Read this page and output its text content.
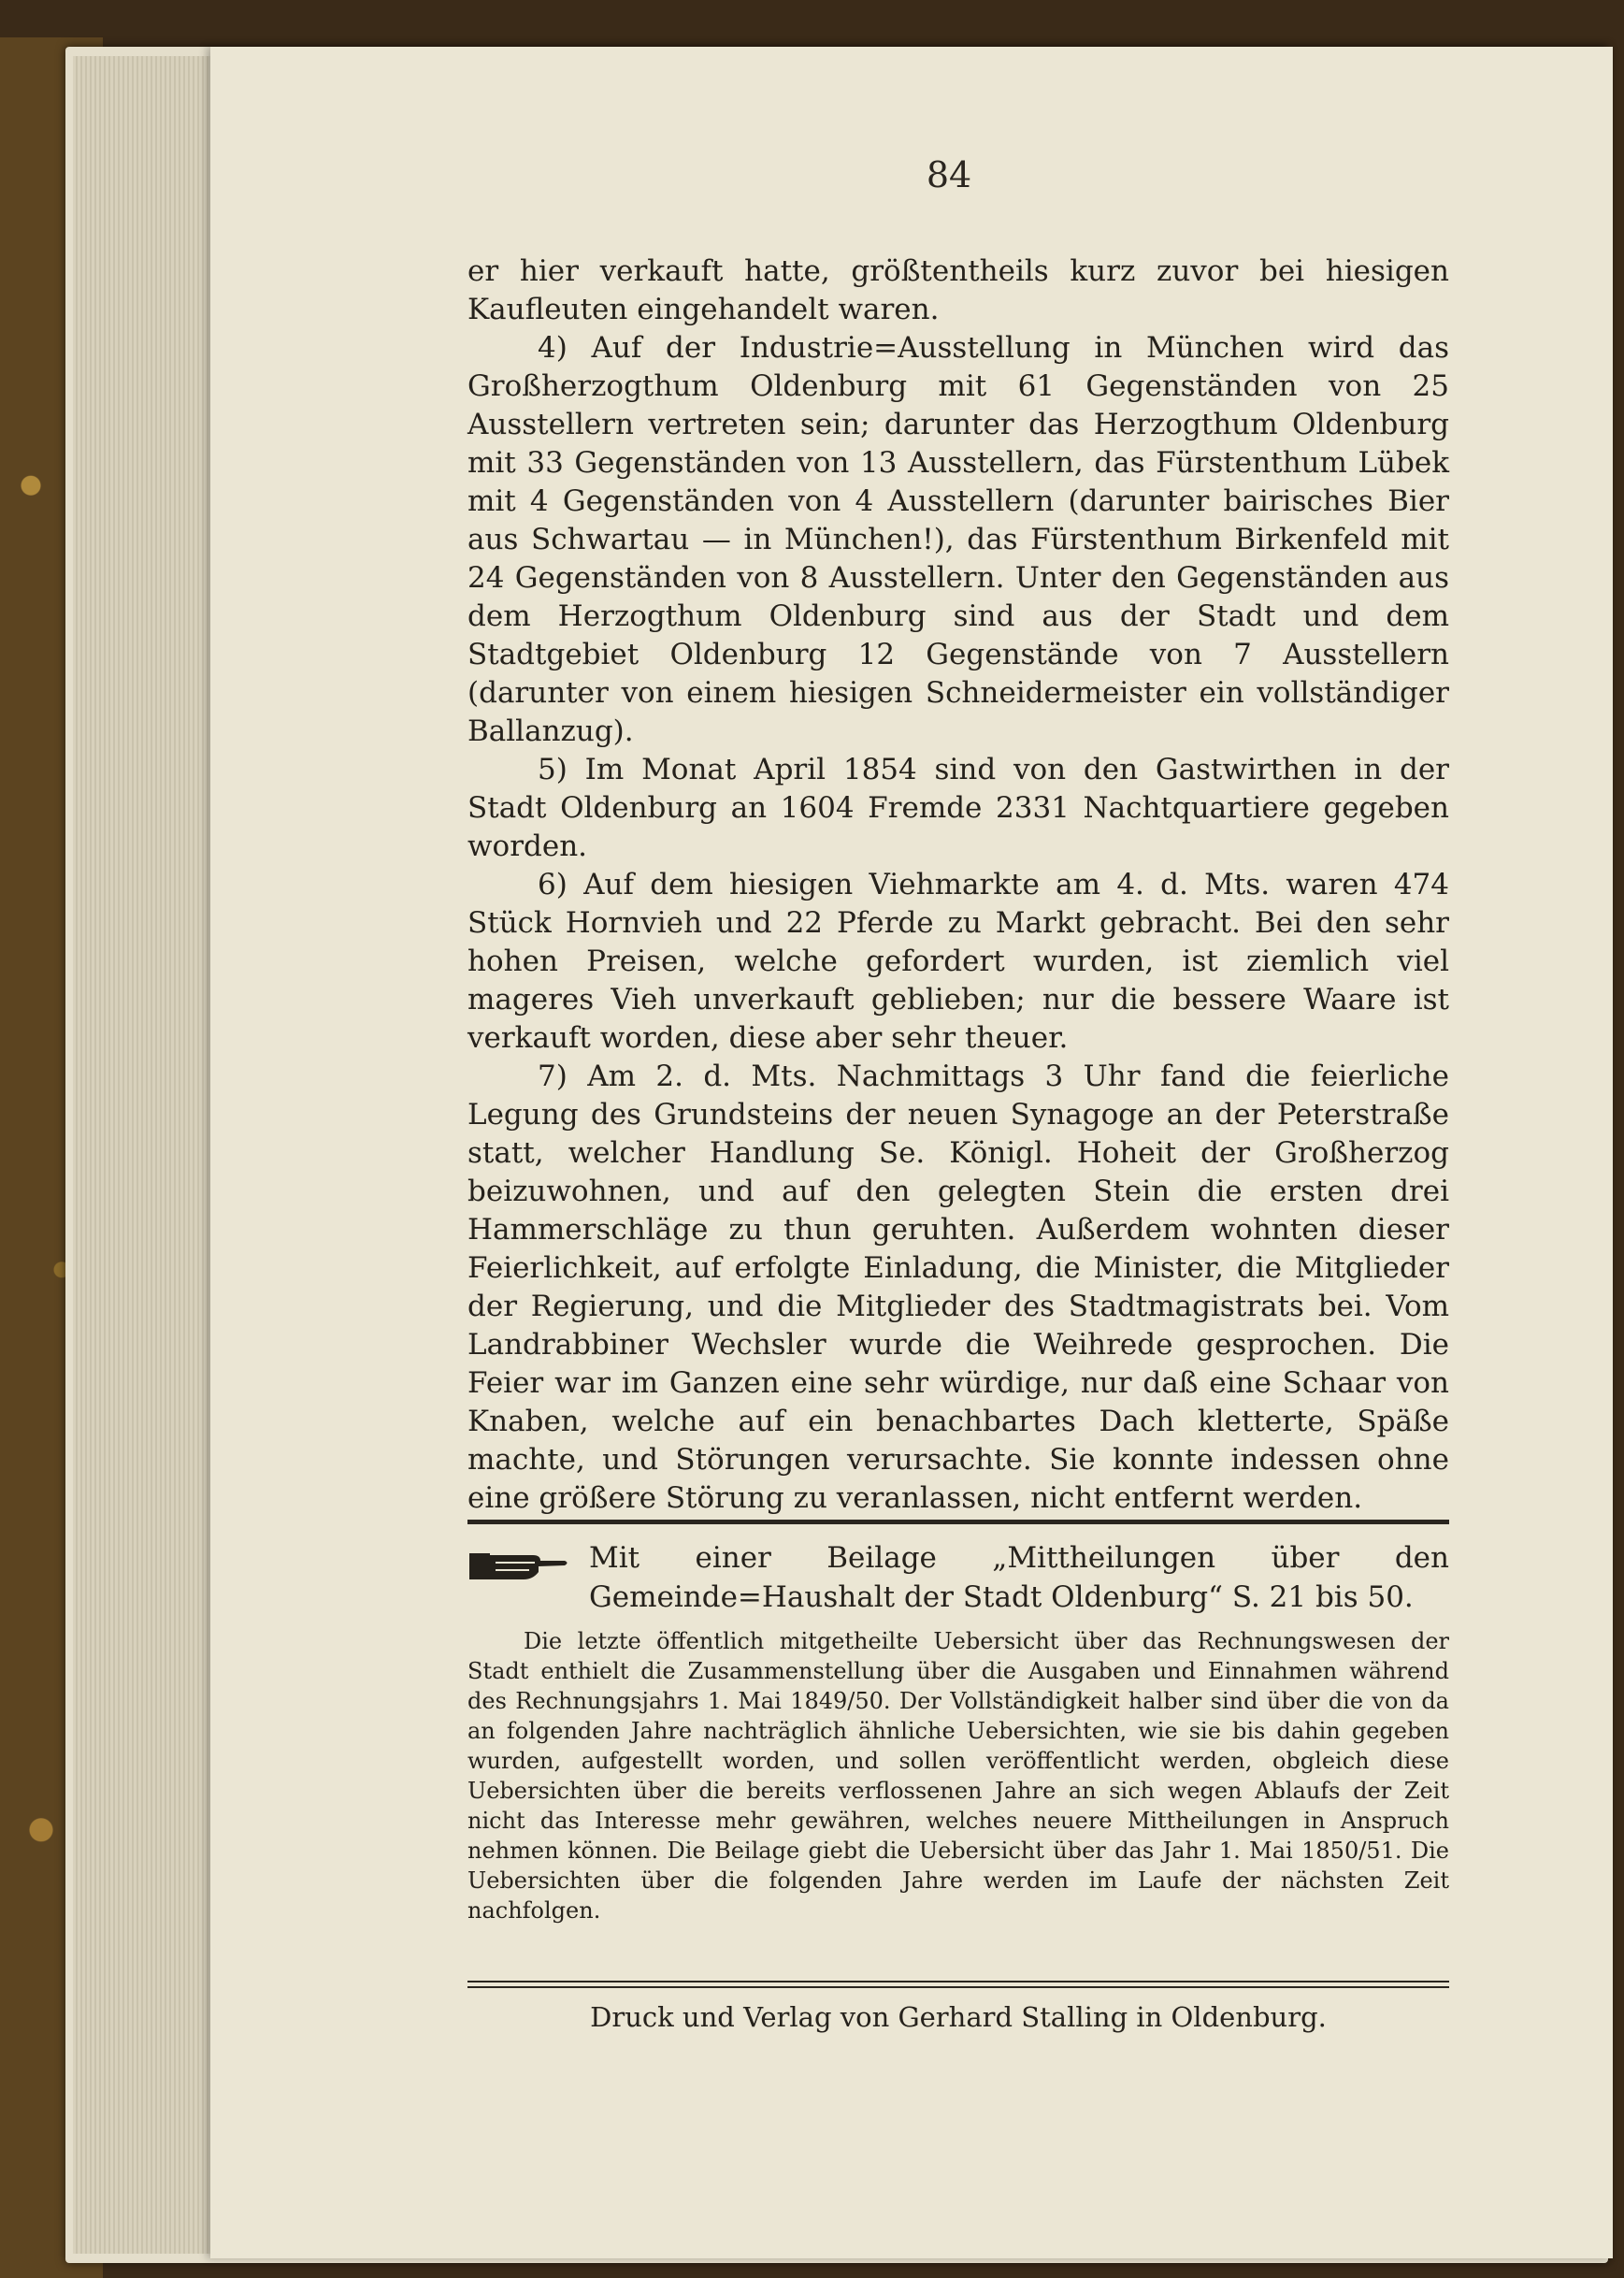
84

er hier verkauft hatte, größtentheils kurz zuvor bei hiesigen Kaufleuten eingehandelt waren.

4) Auf der Industrie=Ausstellung in München wird das Großherzogthum Oldenburg mit 61 Gegenständen von 25 Ausstellern vertreten sein; darunter das Herzogthum Oldenburg mit 33 Gegenständen von 13 Ausstellern, das Fürstenthum Lübek mit 4 Gegenständen von 4 Ausstellern (darunter bairisches Bier aus Schwartau — in München!), das Fürstenthum Birkenfeld mit 24 Gegenständen von 8 Ausstellern. Unter den Gegenständen aus dem Herzogthum Oldenburg sind aus der Stadt und dem Stadtgebiet Oldenburg 12 Gegenstände von 7 Ausstellern (darunter von einem hiesigen Schneidermeister ein vollständiger Ballanzug).

5) Im Monat April 1854 sind von den Gastwirthen in der Stadt Oldenburg an 1604 Fremde 2331 Nachtquartiere gegeben worden.

6) Auf dem hiesigen Viehmarkte am 4. d. Mts. waren 474 Stück Hornvieh und 22 Pferde zu Markt gebracht. Bei den sehr hohen Preisen, welche gefordert wurden, ist ziemlich viel mageres Vieh unverkauft geblieben; nur die bessere Waare ist verkauft worden, diese aber sehr theuer.

7) Am 2. d. Mts. Nachmittags 3 Uhr fand die feierliche Legung des Grundsteins der neuen Synagoge an der Peterstraße statt, welcher Handlung Se. Königl. Hoheit der Großherzog beizuwohnen, und auf den gelegten Stein die ersten drei Hammerschläge zu thun geruhten. Außerdem wohnten dieser Feierlichkeit, auf erfolgte Einladung, die Minister, die Mitglieder der Regierung, und die Mitglieder des Stadtmagistrats bei. Vom Landrabbiner Wechsler wurde die Weihrede gesprochen. Die Feier war im Ganzen eine sehr würdige, nur daß eine Schaar von Knaben, welche auf ein benachbartes Dach kletterte, Späße machte, und Störungen verursachte. Sie konnte indessen ohne eine größere Störung zu veranlassen, nicht entfernt werden.

Mit einer Beilage „Mittheilungen über den Gemeinde=Haushalt der Stadt Oldenburg“ S. 21 bis 50.

Die letzte öffentlich mitgetheilte Uebersicht über das Rechnungswesen der Stadt enthielt die Zusammenstellung über die Ausgaben und Einnahmen während des Rechnungsjahrs 1. Mai 1849/50. Der Vollständigkeit halber sind über die von da an folgenden Jahre nachträglich ähnliche Uebersichten, wie sie bis dahin gegeben wurden, aufgestellt worden, und sollen veröffentlicht werden, obgleich diese Uebersichten über die bereits verflossenen Jahre an sich wegen Ablaufs der Zeit nicht das Interesse mehr gewähren, welches neuere Mittheilungen in Anspruch nehmen können. Die Beilage giebt die Uebersicht über das Jahr 1. Mai 1850/51. Die Uebersichten über die folgenden Jahre werden im Laufe der nächsten Zeit nachfolgen.

Druck und Verlag von Gerhard Stalling in Oldenburg.
